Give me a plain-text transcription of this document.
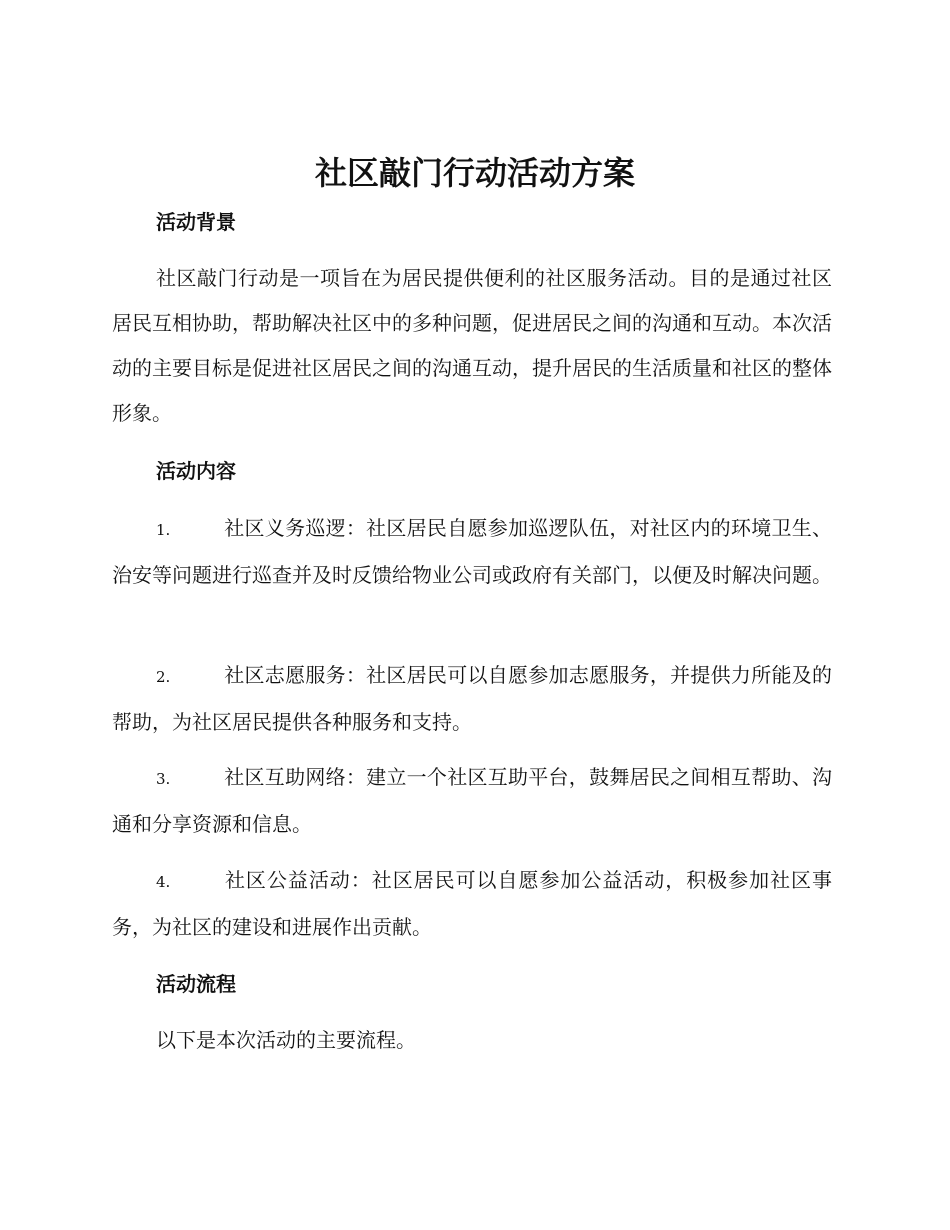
社区敲门行动活动方案
活动背景
社区敲门行动是一项旨在为居民提供便利的社区服务活动。目的是通过社区居民互相协助，帮助解决社区中的多种问题，促进居民之间的沟通和互动。本次活动的主要目标是促进社区居民之间的沟通互动，提升居民的生活质量和社区的整体形象。
活动内容
1.	社区义务巡逻：社区居民自愿参加巡逻队伍，对社区内的环境卫生、治安等问题进行巡查并及时反馈给物业公司或政府有关部门，以便及时解决问题。
2.	社区志愿服务：社区居民可以自愿参加志愿服务，并提供力所能及的帮助，为社区居民提供各种服务和支持。
3.	社区互助网络：建立一个社区互助平台，鼓舞居民之间相互帮助、沟通和分享资源和信息。
4.	社区公益活动：社区居民可以自愿参加公益活动，积极参加社区事务，为社区的建设和进展作出贡献。
活动流程
以下是本次活动的主要流程。
